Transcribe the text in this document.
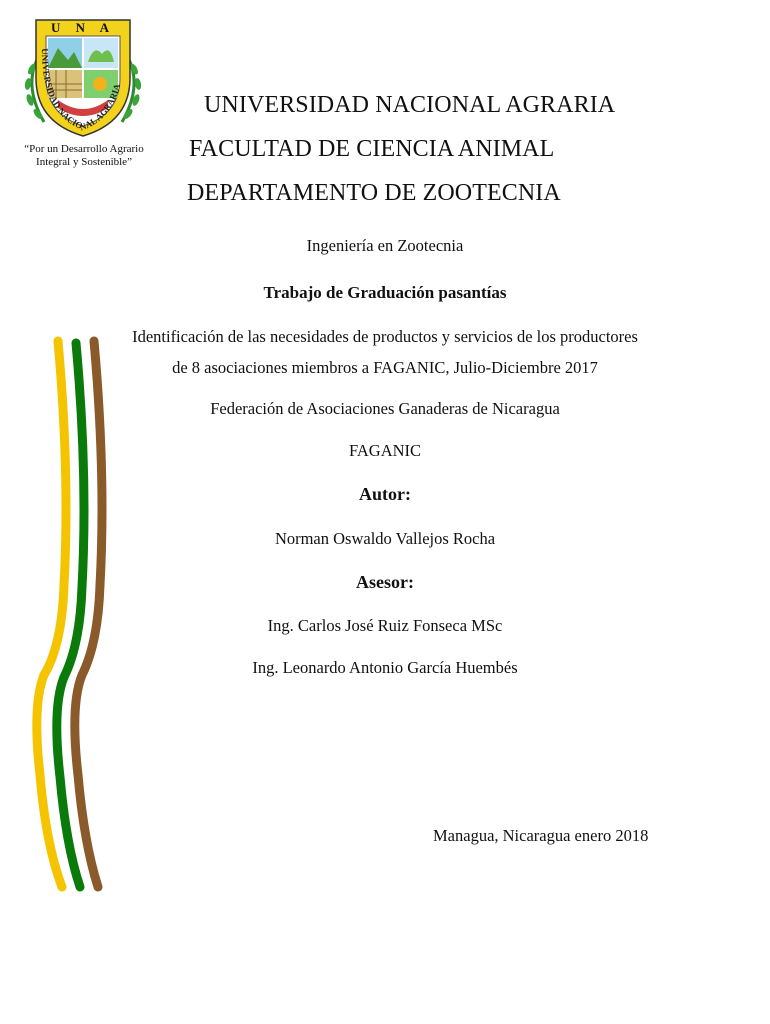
UNIVERSIDAD NACIONAL AGRARIA
U N A
“Por un Desarrollo Agrario
Integral y Sostenible”
UNIVERSIDAD NACIONAL AGRARIA
FACULTAD DE CIENCIA ANIMAL
DEPARTAMENTO DE ZOOTECNIA
Ingeniería en Zootecnia
Trabajo de Graduación pasantías
Identificación de las necesidades de productos y servicios de los productores
de 8 asociaciones miembros a FAGANIC, Julio-Diciembre 2017
Federación de Asociaciones Ganaderas de Nicaragua
FAGANIC
Autor:
Norman Oswaldo Vallejos Rocha
Asesor:
Ing. Carlos José Ruiz Fonseca MSc
Ing. Leonardo Antonio García Huembés
Managua, Nicaragua enero 2018
